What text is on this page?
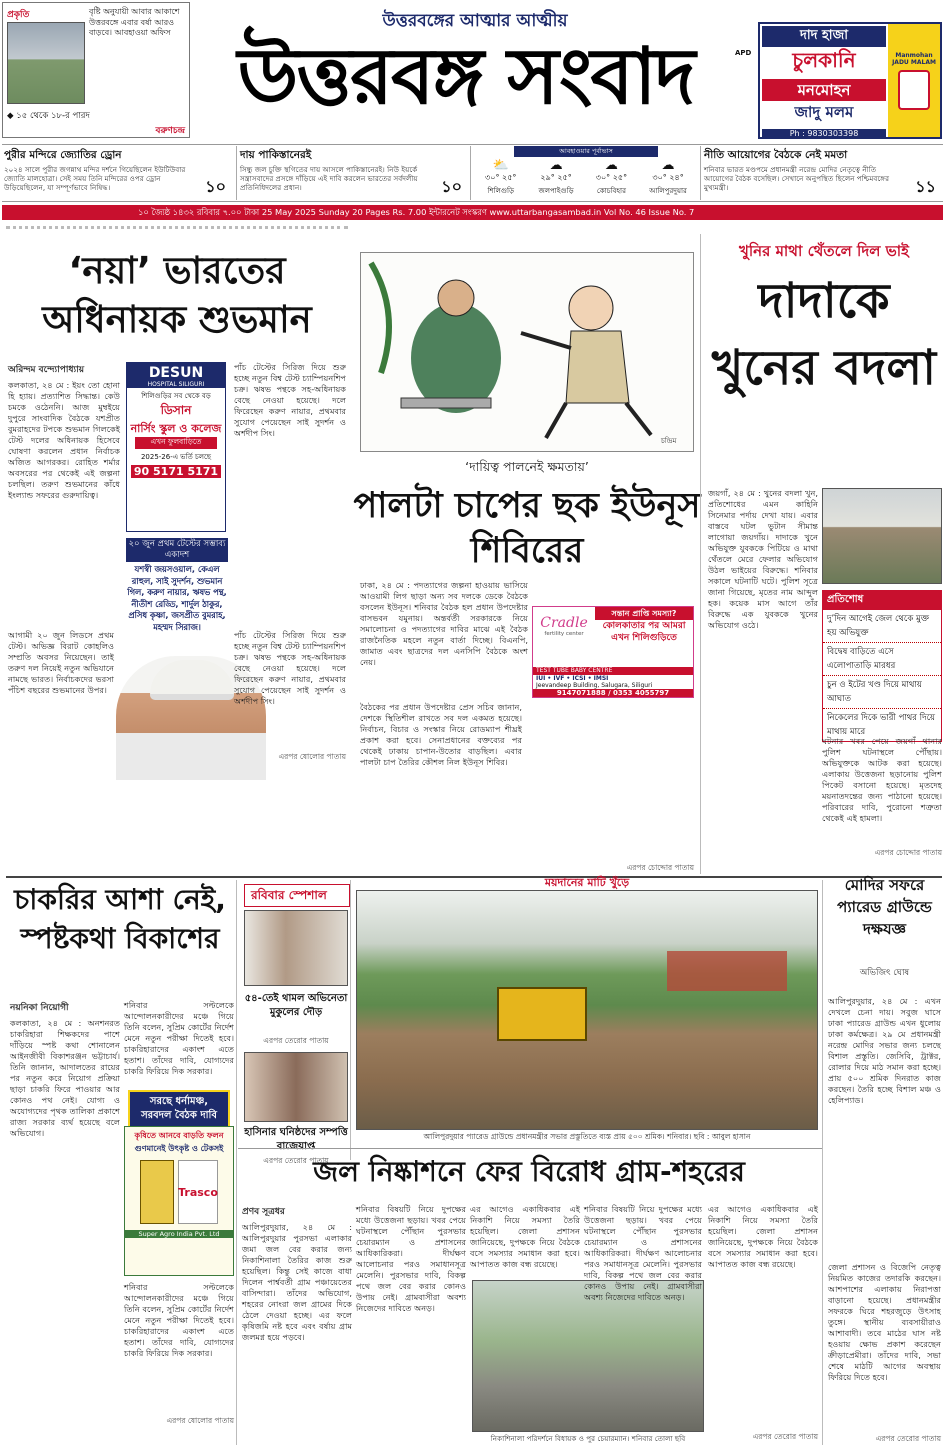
প্রকৃতি	বৃষ্টি অনুযায়ী আবার আকাশে উত্তরবঙ্গে এবার বর্ষা আরও বাড়বে। আবহাওয়া অফিস
◆ ১৫ থেকে ১৮-র পারদ
বরুণচন্দ্র
উত্তরবঙ্গের আত্মার আত্মীয়
উত্তরবঙ্গ সংবাদ	APD
দাদ হাজা
চুলকানি
মনমোহন
জাদু মলম
Ph : 9830303398
Manmohan JADU MALAM
পুরীর মন্দিরে জ্যোতির ড্রোন
২০২৪ সালে পুরীর জগন্নাথ মন্দির দর্শনে গিয়েছিলেন ইউটিউবার জ্যোতি মালহোত্রা। সেই সময় তিনি মন্দিরের ওপর ড্রোন উড়িয়েছিলেন, যা সম্পূর্ণভাবে নিষিদ্ধ।	১০
দায় পাকিস্তানেরই
সিন্ধু জল চুক্তি স্থগিতের দায় আসলে পাকিস্তানেরই। নিউ ইয়র্কে সন্ত্রাসবাদের প্রসঙ্গে দাঁড়িয়ে এই দাবি করলেন ভারতের সর্বদলীয় প্রতিনিধিদলের প্রধান।	১০
আবহাওয়ার পূর্বাভাস
⛅
৩০° ২৫°
শিলিগুড়ি
☁
২৯° ২৫°
জলপাইগুড়ি
☁
৩০° ২৫°
কোচবিহার
☁
৩০° ২৪°
আলিপুরদুয়ার
নীতি আয়োগের বৈঠকে নেই মমতা
শনিবার ভারত মণ্ডপমে প্রধানমন্ত্রী নরেন্দ্র মোদির নেতৃত্বে নীতি আয়োগের বৈঠক বসেছিল। সেখানে অনুপস্থিত ছিলেন পশ্চিমবঙ্গের মুখ্যমন্ত্রী।	১১
১০ জ্যৈষ্ঠ ১৪৩২ রবিবার ৭.০০ টাকা 25 May 2025 Sunday 20 Pages Rs. 7.00 ইন্টারনেট সংস্করণ www.uttarbangasambad.in Vol No. 46 Issue No. 7
‘নয়া’ ভারতের অধিনায়ক শুভমান
অরিন্দম বন্দ্যোপাধ্যায়
কলকাতা, ২৪ মে : ইয়ং তো হোনা হি হ্যায়। প্রত্যাশিত সিদ্ধান্ত। কেউ চমকে ওঠেননি। আজ মুম্বইয়ে দুপুরে সাংবাদিক বৈঠকে যশপ্রীত বুমরাহদের টপকে শুভমান গিলকেই টেস্ট দলের অধিনায়ক হিসেবে ঘোষণা করলেন প্রধান নির্বাচক অজিত আগরকর। রোহিত শর্মার অবসরের পর থেকেই এই জল্পনা চলছিল। তরুণ শুভমানের কাঁধে ইংল্যান্ড সফরের গুরুদায়িত্ব।
DESUN
HOSPITAL SILIGURI
শিলিগুড়ির সব থেকে বড়
ডিসান
নার্সিং স্কুল ও কলেজ
এখন ফুলবাড়িতে
2025-26-এ ভর্তি চলছে
90 5171 5171
২০ জুন প্রথম টেস্টের সম্ভাব্য একাদশ
যশস্বী জয়সওয়াল, কেএল রাহুল, সাই সুদর্শন, শুভমান গিল, করুণ নায়ার, ঋষভ পন্থ, নীতীশ রেড্ডি, শার্দুল ঠাকুর, প্রসিধ কৃষ্ণা, জসপ্রীত বুমরাহ, মহম্মদ সিরাজ।
পাঁচ টেস্টের সিরিজ দিয়ে শুরু হচ্ছে নতুন বিশ্ব টেস্ট চ্যাম্পিয়নশিপ চক্র। ঋষভ পন্থকে সহ-অধিনায়ক বেছে নেওয়া হয়েছে। দলে ফিরেছেন করুণ নায়ার, প্রথমবার সুযোগ পেয়েছেন সাই সুদর্শন ও অর্শদীপ সিং।
আগামী ২০ জুন লিডসে প্রথম টেস্ট। অভিজ্ঞ বিরাট কোহলিও সম্প্রতি অবসর নিয়েছেন। তাই তরুণ দল নিয়েই নতুন অভিযানে নামছে ভারত। নির্বাচকদের ভরসা পঁচিশ বছরের শুভমানের উপর।
পাঁচ টেস্টের সিরিজ দিয়ে শুরু হচ্ছে নতুন বিশ্ব টেস্ট চ্যাম্পিয়নশিপ চক্র। ঋষভ পন্থকে সহ-অধিনায়ক বেছে নেওয়া হয়েছে। দলে ফিরেছেন করুণ নায়ার, প্রথমবার সুযোগ পেয়েছেন সাই সুদর্শন ও অর্শদীপ সিং।
এরপর ষোলোর পাতায়
চন্দ্রিম
‘দায়িত্ব পালনেই ক্ষমতায়’
পালটা চাপের ছক ইউনূস শিবিরের
ঢাকা, ২৪ মে : পদত্যাগের জল্পনা হাওয়ায় ভাসিয়ে আওয়ামী লিগ ছাড়া অন্য সব দলকে ডেকে বৈঠকে বসলেন ইউনূস। শনিবার বৈঠক হল প্রধান উপদেষ্টার বাসভবন যমুনায়। অন্তর্বর্তী সরকারকে নিয়ে সমালোচনা ও পদত্যাগের দাবির মাঝে এই বৈঠক রাজনৈতিক মহলে নতুন বার্তা দিচ্ছে। বিএনপি, জামাত এবং ছাত্রদের দল এনসিপি বৈঠকে অংশ নেয়।
Cradle
fertility center
সন্তান প্রাপ্তি সমস্যা?
কোলকাতার পর আমরা এখন শিলিগুড়িতে
TEST TUBE BABY CENTRE
IUI • IVF • ICSI • IMSI
Jeevandeep Building, Salugara, Siliguri
9147071888 / 0353 4055797
বৈঠকের পর প্রধান উপদেষ্টার প্রেস সচিব জানান, দেশকে স্থিতিশীল রাখতে সব দল একমত হয়েছে। নির্বাচন, বিচার ও সংস্কার নিয়ে রোডম্যাপ শীঘ্রই প্রকাশ করা হবে। সেনাপ্রধানের বক্তব্যের পর থেকেই ঢাকায় চাপান-উতোর বাড়ছিল। এবার পালটা চাপ তৈরির কৌশল নিল ইউনূস শিবির।
এরপর চোদ্দোর পাতায়
খুনির মাথা থেঁতলে দিল ভাই
দাদাকে খুনের বদলা
জয়গাঁ, ২৪ মে : খুনের বদলা খুন, প্রতিশোধের এমন কাহিনি সিনেমার পর্দায় দেখা যায়। এবার বাস্তবে ঘটল ভুটান সীমান্ত লাগোয়া জয়গাঁয়। দাদাকে খুনে অভিযুক্ত যুবককে পিটিয়ে ও মাথা থেঁতলে মেরে ফেলার অভিযোগ উঠল ভাইয়ের বিরুদ্ধে। শনিবার সকালে ঘটনাটি ঘটে। পুলিশ সূত্রে জানা গিয়েছে, মৃতের নাম আব্দুল হক। কয়েক মাস আগে তাঁর বিরুদ্ধে এক যুবককে খুনের অভিযোগ ওঠে।
প্রতিশোধ
দু’দিন আগেই জেল থেকে মুক্ত হয় অভিযুক্ত
বিদ্বেষ বাড়িতে এসে এলোপাতাড়ি মারধর
চুন ও ইটের খণ্ড দিয়ে মাথায় আঘাত
নিকেলের দিকে ভারী পাথর দিয়ে মাথায় মারে
ঘটনার খবর পেয়ে জয়গাঁ থানার পুলিশ ঘটনাস্থলে পৌঁছায়। অভিযুক্তকে আটক করা হয়েছে। এলাকায় উত্তেজনা ছড়ানোয় পুলিশ পিকেট বসানো হয়েছে। মৃতদেহ ময়নাতদন্তের জন্য পাঠানো হয়েছে। পরিবারের দাবি, পুরোনো শত্রুতা থেকেই এই হামলা।
এরপর চোদ্দোর পাতায়
চাকরির আশা নেই, স্পষ্টকথা বিকাশের
নয়নিকা নিয়োগী
কলকাতা, ২৪ মে : অনশনরত চাকরিহারা শিক্ষকদের পাশে দাঁড়িয়ে স্পষ্ট কথা শোনালেন আইনজীবী বিকাশরঞ্জন ভট্টাচার্য। তিনি জানান, আদালতের রায়ের পর নতুন করে নিয়োগ প্রক্রিয়া ছাড়া চাকরি ফিরে পাওয়ার আর কোনও পথ নেই। যোগ্য ও অযোগ্যদের পৃথক তালিকা প্রকাশে রাজ্য সরকার ব্যর্থ হয়েছে বলে অভিযোগ।
শনিবার সল্টলেকে আন্দোলনকারীদের মঞ্চে গিয়ে তিনি বলেন, সুপ্রিম কোর্টের নির্দেশ মেনে নতুন পরীক্ষা দিতেই হবে। চাকরিহারাদের একাংশ এতে হতাশ। তাঁদের দাবি, যোগ্যদের চাকরি ফিরিয়ে দিক সরকার।
সরছে ধর্নামঞ্চ, সরবদল বৈঠক দাবি
কৃষিতে আনবে বাড়তি ফলন
গুণমানেই উৎকৃষ্ট ও টেকসই
Trasco
Super Agro India Pvt. Ltd
শনিবার সল্টলেকে আন্দোলনকারীদের মঞ্চে গিয়ে তিনি বলেন, সুপ্রিম কোর্টের নির্দেশ মেনে নতুন পরীক্ষা দিতেই হবে। চাকরিহারাদের একাংশ এতে হতাশ। তাঁদের দাবি, যোগ্যদের চাকরি ফিরিয়ে দিক সরকার।
এরপর ষোলোর পাতায়
রবিবার স্পেশাল
৫৪-তেই থামল অভিনেতা মুকুলের দৌড়
এরপর তেরোর পাতায়
হাসিনার ঘনিষ্ঠদের সম্পত্তি বাজেয়াপ্ত
এরপর তেরোর পাতায়
ময়দানের মাটি খুঁড়ে
আলিপুরদুয়ার প্যারেড গ্রাউন্ডে প্রধানমন্ত্রীর সভার প্রস্তুতিতে ব্যস্ত প্রায় ৫০০ শ্রমিক। শনিবার। ছবি : আবুল হাসান
মোদির সফরে প্যারেড গ্রাউন্ডে দক্ষযজ্ঞ
অভিজিৎ ঘোষ
আলিপুরদুয়ার, ২৪ মে : এখন দেখলে চেনা দায়। সবুজ ঘাসে ঢাকা প্যারেড গ্রাউন্ড এখন ধুলোয় ঢাকা কর্মক্ষেত্র। ২৯ মে প্রধানমন্ত্রী নরেন্দ্র মোদির সভার জন্য চলছে বিশাল প্রস্তুতি। জেসিবি, ট্রাক্টর, রোলার দিয়ে মাঠ সমান করা হচ্ছে। প্রায় ৫০০ শ্রমিক দিনরাত কাজ করছেন। তৈরি হচ্ছে বিশাল মঞ্চ ও হেলিপ্যাড।
জেলা প্রশাসন ও বিজেপি নেতৃত্ব নিয়মিত কাজের তদারকি করছেন। আশপাশের এলাকায় নিরাপত্তা বাড়ানো হয়েছে। প্রধানমন্ত্রীর সফরকে ঘিরে শহরজুড়ে উৎসাহ তুঙ্গে। স্থানীয় ব্যবসায়ীরাও আশাবাদী। তবে মাঠের ঘাস নষ্ট হওয়ায় ক্ষোভ প্রকাশ করেছেন ক্রীড়াপ্রেমীরা। তাঁদের দাবি, সভা শেষে মাঠটি আগের অবস্থায় ফিরিয়ে দিতে হবে।
এরপর তেরোর পাতায়
জল নিষ্কাশনে ফের বিরোধ গ্রাম-শহরের
প্রণব সূত্রধর
আলিপুরদুয়ার, ২৪ মে : আলিপুরদুয়ার পুরসভা এলাকার জমা জল বের করার জন্য নিকাশিনালা তৈরির কাজ শুরু হয়েছিল। কিন্তু সেই কাজে বাধা দিলেন পার্শ্ববর্তী গ্রাম পঞ্চায়েতের বাসিন্দারা। তাঁদের অভিযোগ, শহরের নোংরা জল গ্রামের দিকে ঠেলে দেওয়া হচ্ছে। এর ফলে কৃষিজমি নষ্ট হবে এবং বর্ষায় গ্রাম জলমগ্ন হয়ে পড়বে।
শনিবার বিষয়টি নিয়ে দুপক্ষের মধ্যে উত্তেজনা ছড়ায়। খবর পেয়ে ঘটনাস্থলে পৌঁছান পুরসভার চেয়ারম্যান ও প্রশাসনের আধিকারিকরা। দীর্ঘক্ষণ আলোচনার পরও সমাধানসূত্র মেলেনি। পুরসভার দাবি, বিকল্প পথে জল বের করার কোনও উপায় নেই। গ্রামবাসীরা অবশ্য নিজেদের দাবিতে অনড়।
এর আগেও একাধিকবার এই নিকাশি নিয়ে সমস্যা তৈরি হয়েছিল। জেলা প্রশাসন জানিয়েছে, দুপক্ষকে নিয়ে বৈঠকে বসে সমস্যার সমাধান করা হবে। আপাতত কাজ বন্ধ রয়েছে।
নিকাশিনালা পরিদর্শনে বিধায়ক ও পুর চেয়ারম্যান। শনিবার তোলা ছবি
শনিবার বিষয়টি নিয়ে দুপক্ষের মধ্যে উত্তেজনা ছড়ায়। খবর পেয়ে ঘটনাস্থলে পৌঁছান পুরসভার চেয়ারম্যান ও প্রশাসনের আধিকারিকরা। দীর্ঘক্ষণ আলোচনার পরও সমাধানসূত্র মেলেনি। পুরসভার দাবি, বিকল্প পথে জল বের করার কোনও উপায় নেই। গ্রামবাসীরা অবশ্য নিজেদের দাবিতে অনড়।
এর আগেও একাধিকবার এই নিকাশি নিয়ে সমস্যা তৈরি হয়েছিল। জেলা প্রশাসন জানিয়েছে, দুপক্ষকে নিয়ে বৈঠকে বসে সমস্যার সমাধান করা হবে। আপাতত কাজ বন্ধ রয়েছে।
এরপর তেরোর পাতায়
